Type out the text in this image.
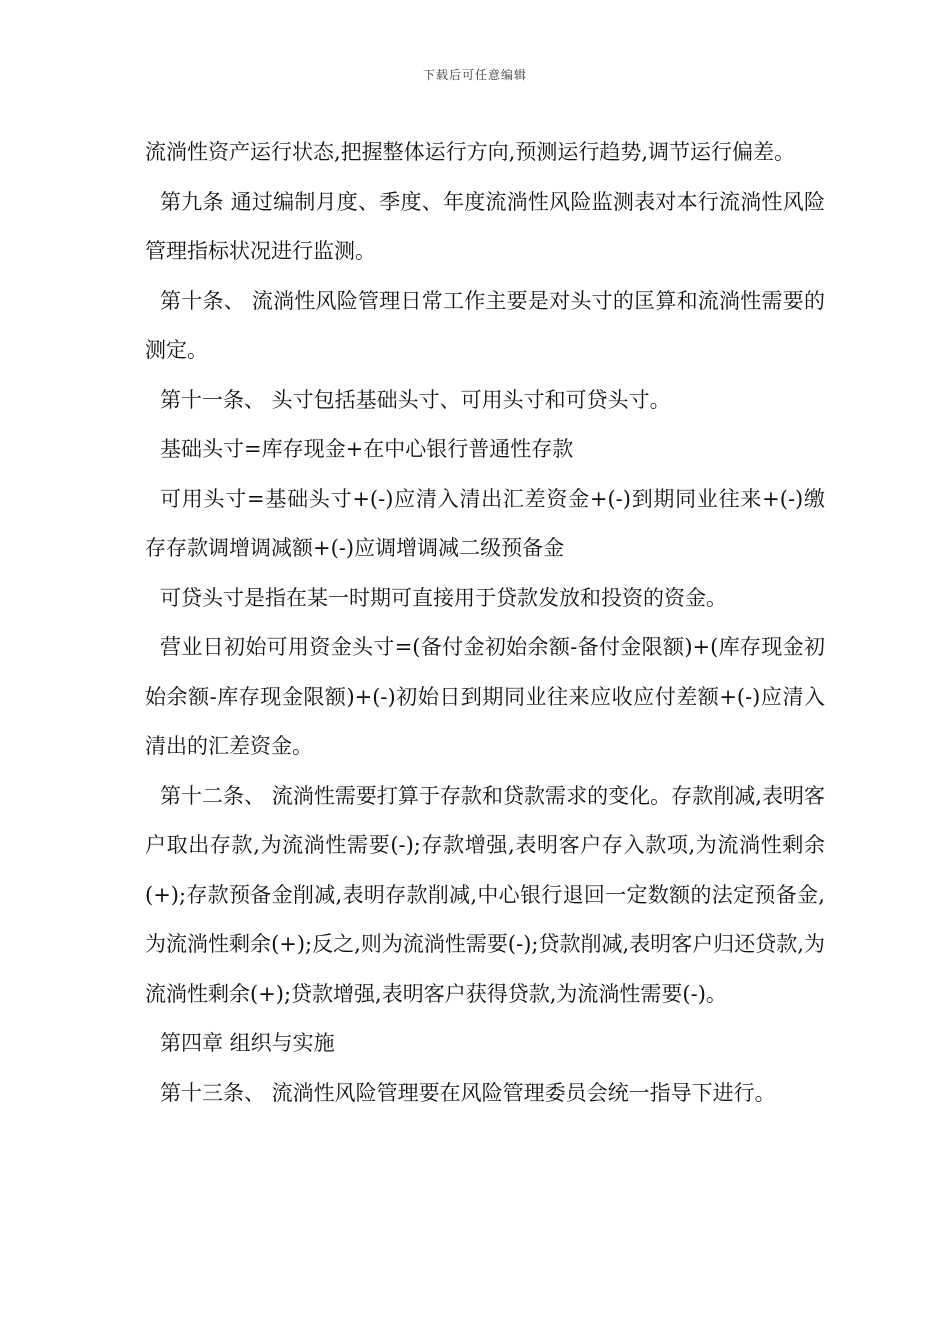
下载后可任意编辑

流淌性资产运行状态,把握整体运行方向,预测运行趋势,调节运行偏差。

第九条 通过编制月度、季度、年度流淌性风险监测表对本行流淌性风险管理指标状况进行监测。

第十条、 流淌性风险管理日常工作主要是对头寸的匡算和流淌性需要的测定。

第十一条、 头寸包括基础头寸、可用头寸和可贷头寸。

基础头寸=库存现金+在中心银行普通性存款

可用头寸=基础头寸+(-)应清入清出汇差资金+(-)到期同业往来+(-)缴存存款调增调减额+(-)应调增调减二级预备金

可贷头寸是指在某一时期可直接用于贷款发放和投资的资金。

营业日初始可用资金头寸=(备付金初始余额-备付金限额)+(库存现金初始余额-库存现金限额)+(-)初始日到期同业往来应收应付差额+(-)应清入清出的汇差资金。

第十二条、 流淌性需要打算于存款和贷款需求的变化。存款削减,表明客户取出存款,为流淌性需要(-);存款增强,表明客户存入款项,为流淌性剩余(+);存款预备金削减,表明存款削减,中心银行退回一定数额的法定预备金,为流淌性剩余(+);反之,则为流淌性需要(-);贷款削减,表明客户归还贷款,为流淌性剩余(+);贷款增强,表明客户获得贷款,为流淌性需要(-)。

第四章 组织与实施

第十三条、 流淌性风险管理要在风险管理委员会统一指导下进行。
